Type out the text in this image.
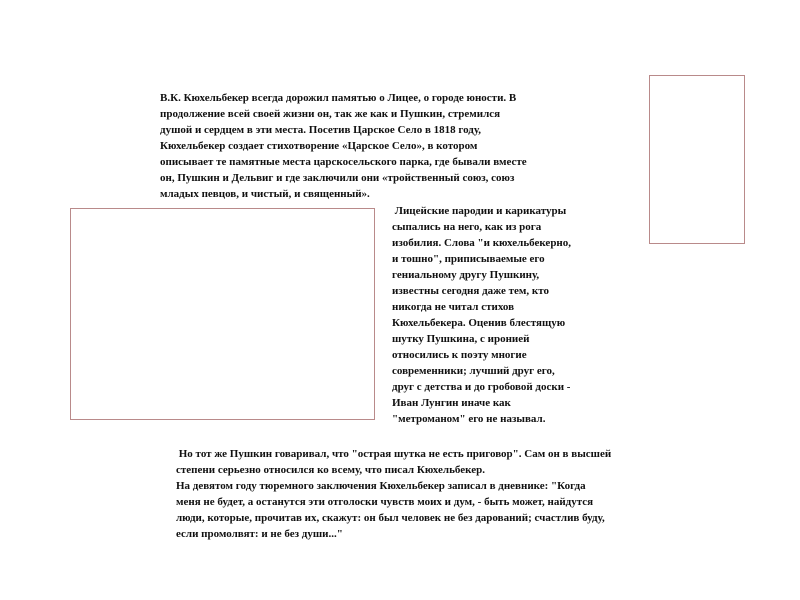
В.К. Кюхельбекер всегда дорожил памятью о Лицее, о городе юности. В
продолжение всей своей жизни он, так же как и Пушкин, стремился
душой и сердцем в эти места. Посетив Царское Село в 1818 году,
Кюхельбекер создает стихотворение «Царское Село», в котором
описывает те памятные места царскосельского парка, где бывали вместе
он, Пушкин и Дельвиг и где заключили они «тройственный союз, союз
младых певцов, и чистый, и священный».

Лицейские пародии и карикатуры
сыпались на него, как из рога
изобилия. Слова "и кюхельбекерно,
и тошно", приписываемые его
гениальному другу Пушкину,
известны сегодня даже тем, кто
никогда не читал стихов
Кюхельбекера. Оценив блестящую
шутку Пушкина, с иронией
относились к поэту многие
современники; лучший друг его,
друг с детства и до гробовой доски -
Иван Лунгин иначе как
"метроманом" его не называл.

Но тот же Пушкин говаривал, что "острая шутка не есть приговор". Сам он в высшей
степени серьезно относился ко всему, что писал Кюхельбекер.
На девятом году тюремного заключения Кюхельбекер записал в дневнике: "Когда
меня не будет, а останутся эти отголоски чувств моих и дум, - быть может, найдутся
люди, которые, прочитав их, скажут: он был человек не без дарований; счастлив буду,
если промолвят: и не без души..."
